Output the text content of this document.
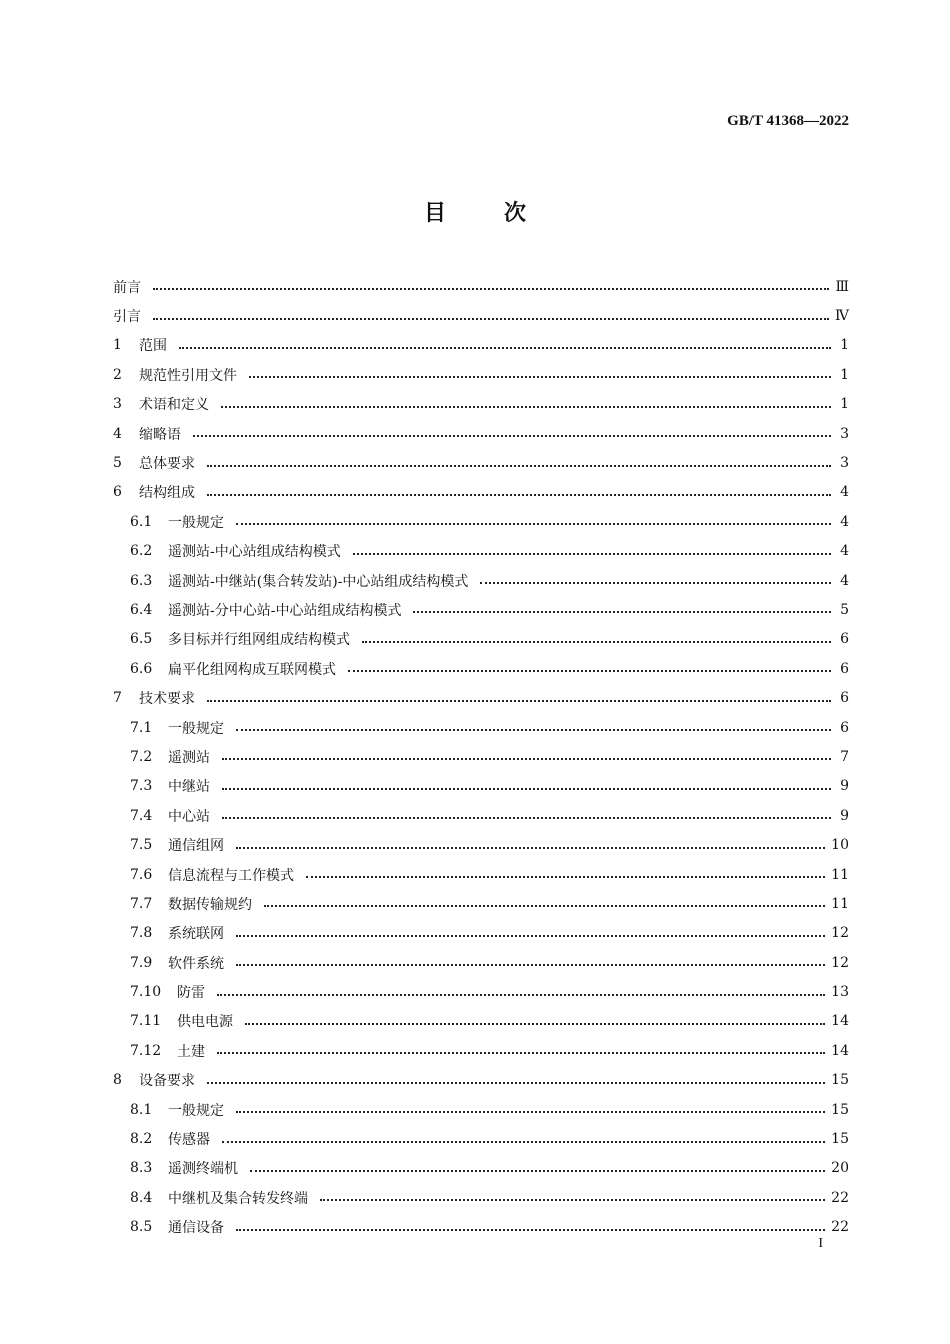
GB/T 41368—2022
目次
前言	Ⅲ
引言	Ⅳ
1	范围	1
2	规范性引用文件	1
3	术语和定义	1
4	缩略语	3
5	总体要求	3
6	结构组成	4
6.1	一般规定	4
6.2	遥测站-中心站组成结构模式	4
6.3	遥测站-中继站(集合转发站)-中心站组成结构模式	4
6.4	遥测站-分中心站-中心站组成结构模式	5
6.5	多目标并行组网组成结构模式	6
6.6	扁平化组网构成互联网模式	6
7	技术要求	6
7.1	一般规定	6
7.2	遥测站	7
7.3	中继站	9
7.4	中心站	9
7.5	通信组网	10
7.6	信息流程与工作模式	11
7.7	数据传输规约	11
7.8	系统联网	12
7.9	软件系统	12
7.10	防雷	13
7.11	供电电源	14
7.12	土建	14
8	设备要求	15
8.1	一般规定	15
8.2	传感器	15
8.3	遥测终端机	20
8.4	中继机及集合转发终端	22
8.5	通信设备	22
I
